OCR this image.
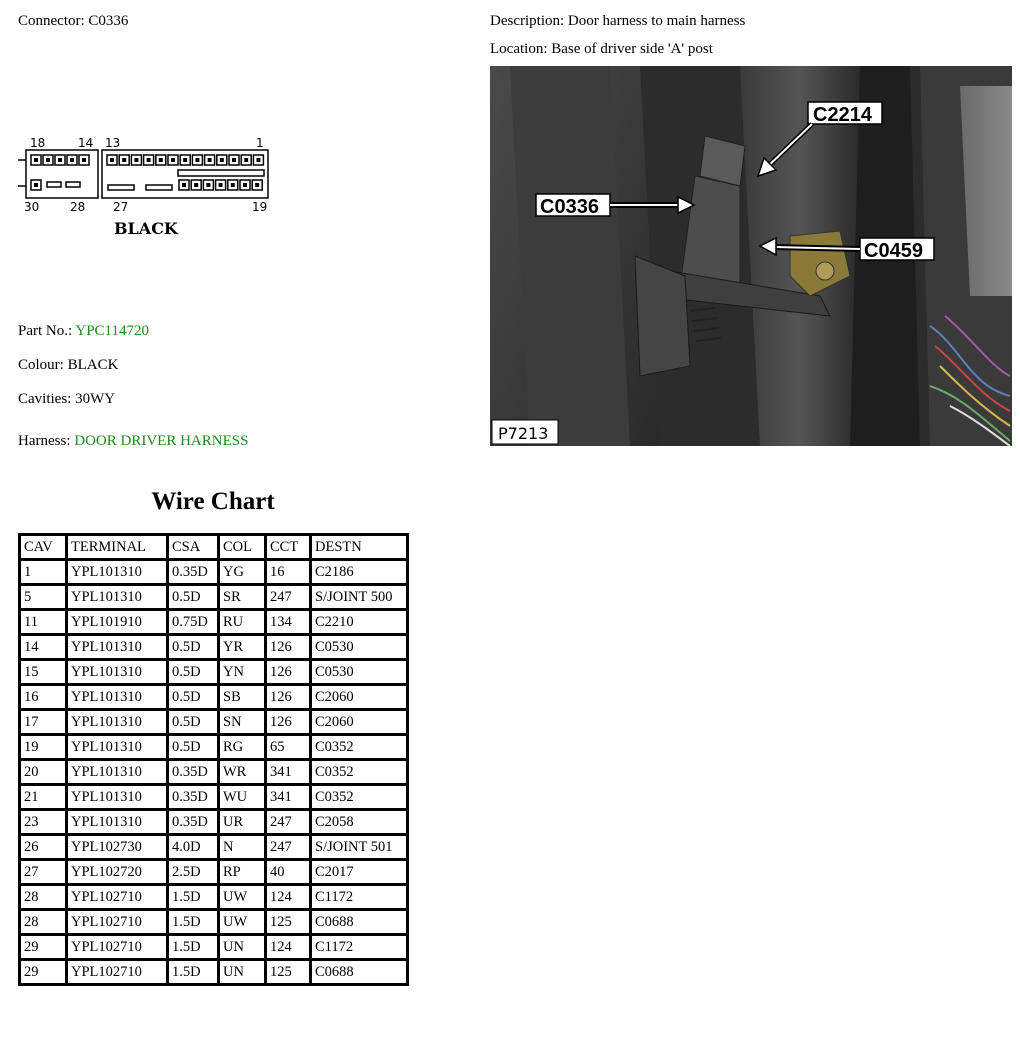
Connector: C0336	Description: Door harness to main harness
Location: Base of driver side 'A' post
18	14 13	1
30	28 27	19
BLACK
Part No.: YPC114720
Colour: BLACK
Cavities: 30WY
Harness: DOOR DRIVER HARNESS
C2214
C0336
C0459
P7213
Wire Chart
CAV	TERMINAL	CSA	COL	CCT	DESTN
1	YPL101310	0.35D	YG	16	C2186
5	YPL101310	0.5D	SR	247	S/JOINT 500
11	YPL101910	0.75D	RU	134	C2210
14	YPL101310	0.5D	YR	126	C0530
15	YPL101310	0.5D	YN	126	C0530
16	YPL101310	0.5D	SB	126	C2060
17	YPL101310	0.5D	SN	126	C2060
19	YPL101310	0.5D	RG	65	C0352
20	YPL101310	0.35D	WR	341	C0352
21	YPL101310	0.35D	WU	341	C0352
23	YPL101310	0.35D	UR	247	C2058
26	YPL102730	4.0D	N	247	S/JOINT 501
27	YPL102720	2.5D	RP	40	C2017
28	YPL102710	1.5D	UW	124	C1172
28	YPL102710	1.5D	UW	125	C0688
29	YPL102710	1.5D	UN	124	C1172
29	YPL102710	1.5D	UN	125	C0688
